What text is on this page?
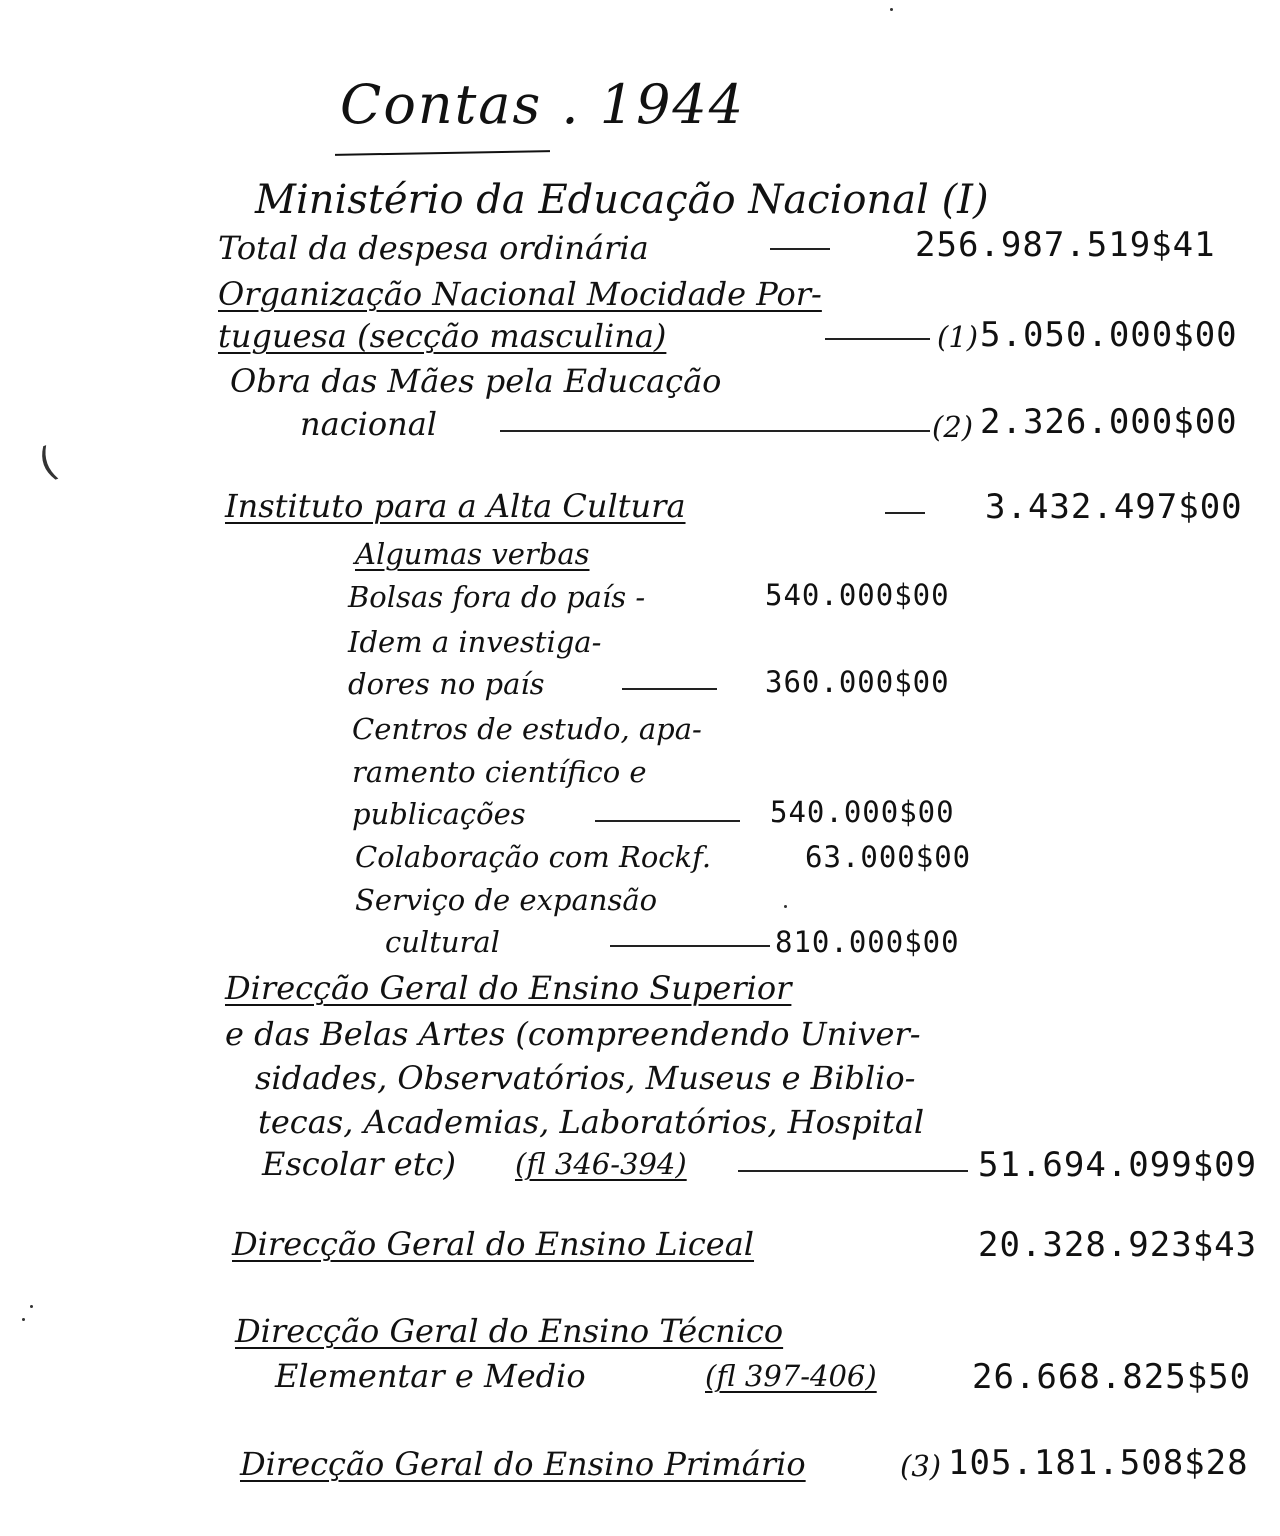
Contas . 1944
Ministério da Educação Nacional (I)
Total da despesa ordinária	256.987.519$41
Organização Nacional Mocidade Por-
tuguesa (secção masculina)	(1) 5.050.000$00
Obra das Mães pela Educação
nacional	(2) 2.326.000$00
Instituto para a Alta Cultura	3.432.497$00
Algumas verbas
Bolsas fora do país -	540.000$00
Idem a investiga-
dores no país	360.000$00
Centros de estudo, apa-
ramento científico e
publicações	540.000$00
Colaboração com Rockf.	63.000$00
Serviço de expansão
cultural	810.000$00
Direcção Geral do Ensino Superior
e das Belas Artes (compreendendo Univer-
sidades, Observatórios, Museus e Biblio-
tecas, Academias, Laboratórios, Hospital
Escolar etc) (fl 346-394)	51.694.099$09
Direcção Geral do Ensino Liceal	20.328.923$43
Direcção Geral do Ensino Técnico
Elementar e Medio	(fl 397-406)	26.668.825$50
Direcção Geral do Ensino Primário	(3) 105.181.508$28
(
